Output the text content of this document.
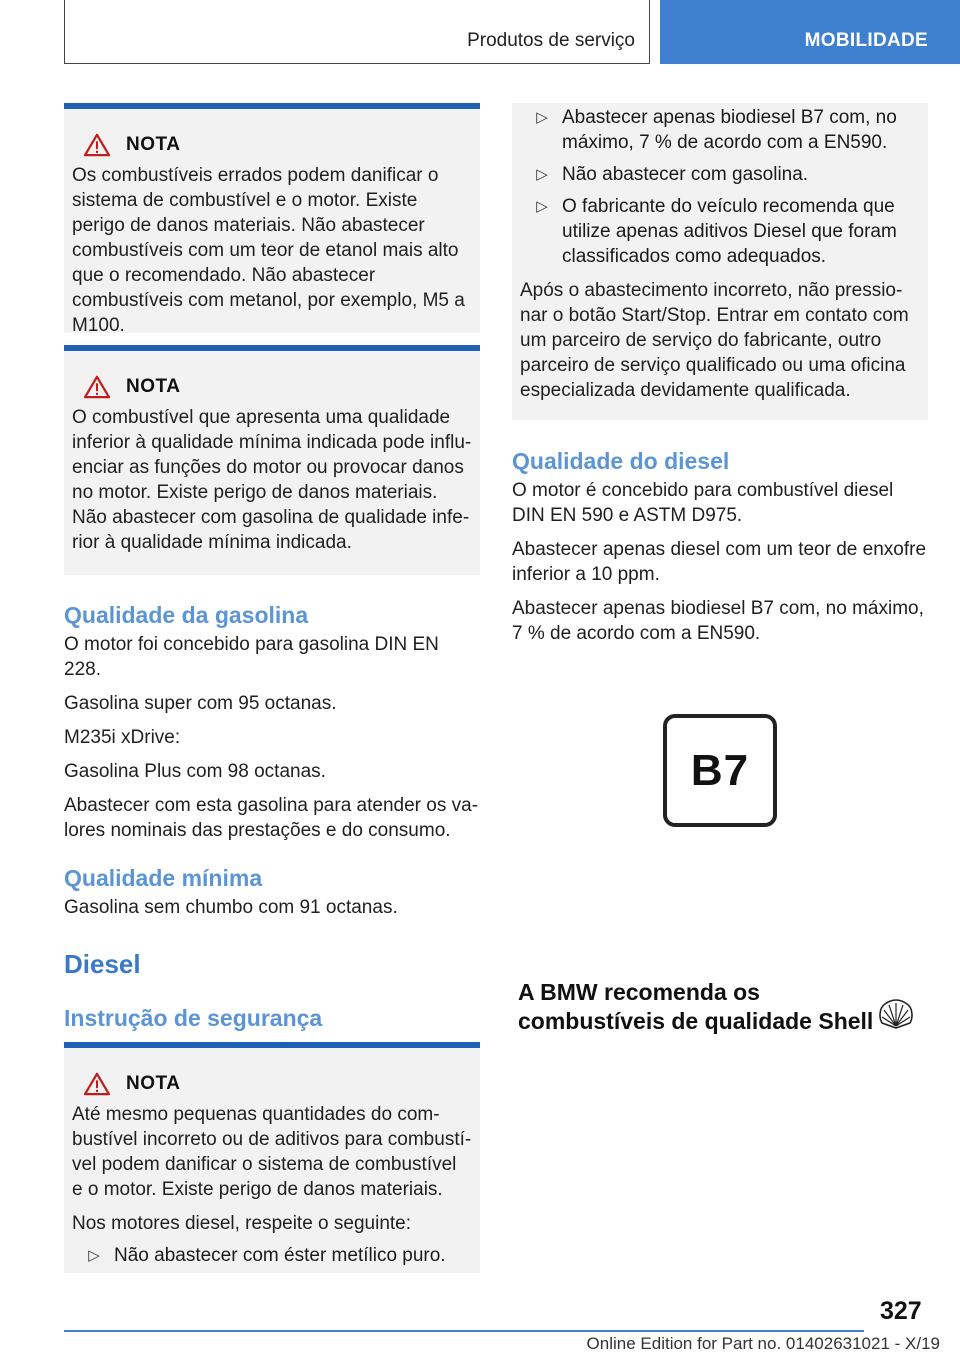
Produtos de serviço	MOBILIDADE
NOTA

Os combustíveis errados podem danificar o sistema de combustível e o motor. Existe perigo de danos materiais. Não abastecer combustíveis com um teor de etanol mais alto que o recomendado. Não abastecer combustíveis com metanol, por exemplo, M5 a M100.

NOTA

O combustível que apresenta uma qualidade inferior à qualidade mínima indicada pode influenciar as funções do motor ou provocar danos no motor. Existe perigo de danos materiais. Não abastecer com gasolina de qualidade inferior à qualidade mínima indicada.

Qualidade da gasolina

O motor foi concebido para gasolina DIN EN 228.

Gasolina super com 95 octanas.

M235i xDrive:

Gasolina Plus com 98 octanas.

Abastecer com esta gasolina para atender os valores nominais das prestações e do consumo.

Qualidade mínima

Gasolina sem chumbo com 91 octanas.

Diesel
Instrução de segurança
NOTA

Até mesmo pequenas quantidades do combustível incorreto ou de aditivos para combustível podem danificar o sistema de combustível e o motor. Existe perigo de danos materiais.

Nos motores diesel, respeite o seguinte:

▷ Não abastecer com éster metílico puro.
▷ Abastecer apenas biodiesel B7 com, no máximo, 7 % de acordo com a EN590.
▷ Não abastecer com gasolina.
▷ O fabricante do veículo recomenda que utilize apenas aditivos Diesel que foram classificados como adequados.

Após o abastecimento incorreto, não pressionar o botão Start/Stop. Entrar em contato com um parceiro de serviço do fabricante, outro parceiro de serviço qualificado ou uma oficina especializada devidamente qualificada.

Qualidade do diesel

O motor é concebido para combustível diesel DIN EN 590 e ASTM D975.

Abastecer apenas diesel com um teor de enxofre inferior a 10 ppm.

Abastecer apenas biodiesel B7 com, no máximo, 7 % de acordo com a EN590.

B7
A BMW recomenda os
combustíveis de qualidade Shell
327
Online Edition for Part no. 01402631021 - X/19
